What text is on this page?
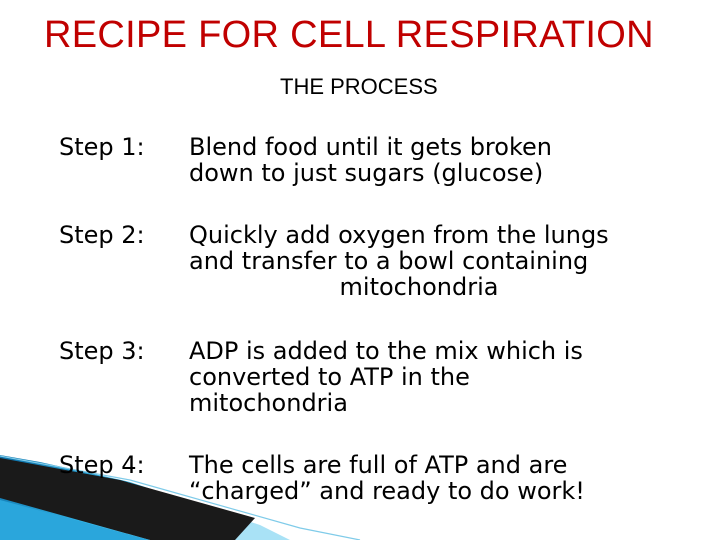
RECIPE FOR CELL RESPIRATION
THE PROCESS
Step 1: Blend food until it gets broken
down to just sugars (glucose)
Step 2: Quickly add oxygen from the lungs
and transfer to a bowl containing
mitochondria
Step 3: ADP is added to the mix which is
converted to ATP in the
mitochondria
Step 4: The cells are full of ATP and are
“charged” and ready to do work!
